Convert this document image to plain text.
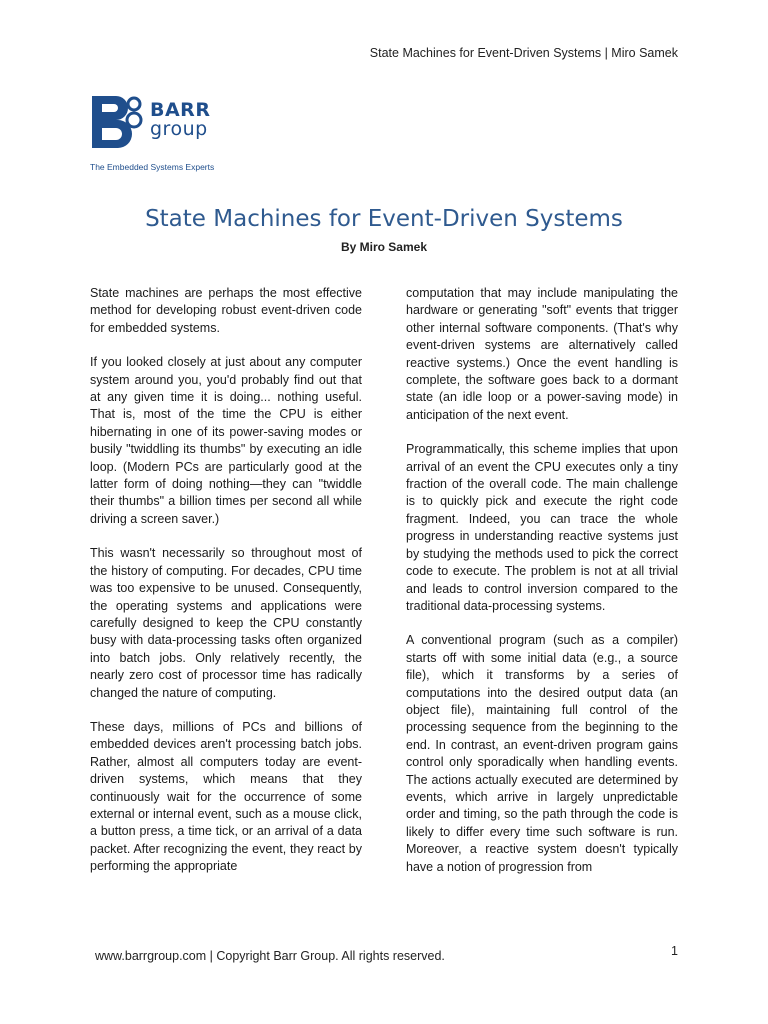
State Machines for Event-Driven Systems | Miro Samek
BARR
group
The Embedded Systems Experts
State Machines for Event-Driven Systems
By Miro Samek

State machines are perhaps the most effective method for developing robust event-driven code for embedded systems.

If you looked closely at just about any computer system around you, you'd probably find out that at any given time it is doing... nothing useful. That is, most of the time the CPU is either hibernating in one of its power-saving modes or busily "twiddling its thumbs" by executing an idle loop. (Modern PCs are particularly good at the latter form of doing nothing—they can "twiddle their thumbs" a billion times per second all while driving a screen saver.)

This wasn't necessarily so throughout most of the history of computing. For decades, CPU time was too expensive to be unused. Consequently, the operating systems and applications were carefully designed to keep the CPU constantly busy with data-processing tasks often organized into batch jobs. Only relatively recently, the nearly zero cost of processor time has radically changed the nature of computing.

These days, millions of PCs and billions of embedded devices aren't processing batch jobs. Rather, almost all computers today are event-driven systems, which means that they continuously wait for the occurrence of some external or internal event, such as a mouse click, a button press, a time tick, or an arrival of a data packet. After recognizing the event, they react by performing the appropriate

computation that may include manipulating the hardware or generating "soft" events that trigger other internal software components. (That's why event-driven systems are alternatively called reactive systems.) Once the event handling is complete, the software goes back to a dormant state (an idle loop or a power-saving mode) in anticipation of the next event.

Programmatically, this scheme implies that upon arrival of an event the CPU executes only a tiny fraction of the overall code. The main challenge is to quickly pick and execute the right code fragment. Indeed, you can trace the whole progress in understanding reactive systems just by studying the methods used to pick the correct code to execute. The problem is not at all trivial and leads to control inversion compared to the traditional data-processing systems.

A conventional program (such as a compiler) starts off with some initial data (e.g., a source file), which it transforms by a series of computations into the desired output data (an object file), maintaining full control of the processing sequence from the beginning to the end. In contrast, an event-driven program gains control only sporadically when handling events. The actions actually executed are determined by events, which arrive in largely unpredictable order and timing, so the path through the code is likely to differ every time such software is run. Moreover, a reactive system doesn't typically have a notion of progression from

www.barrgroup.com | Copyright Barr Group. All rights reserved.	1
